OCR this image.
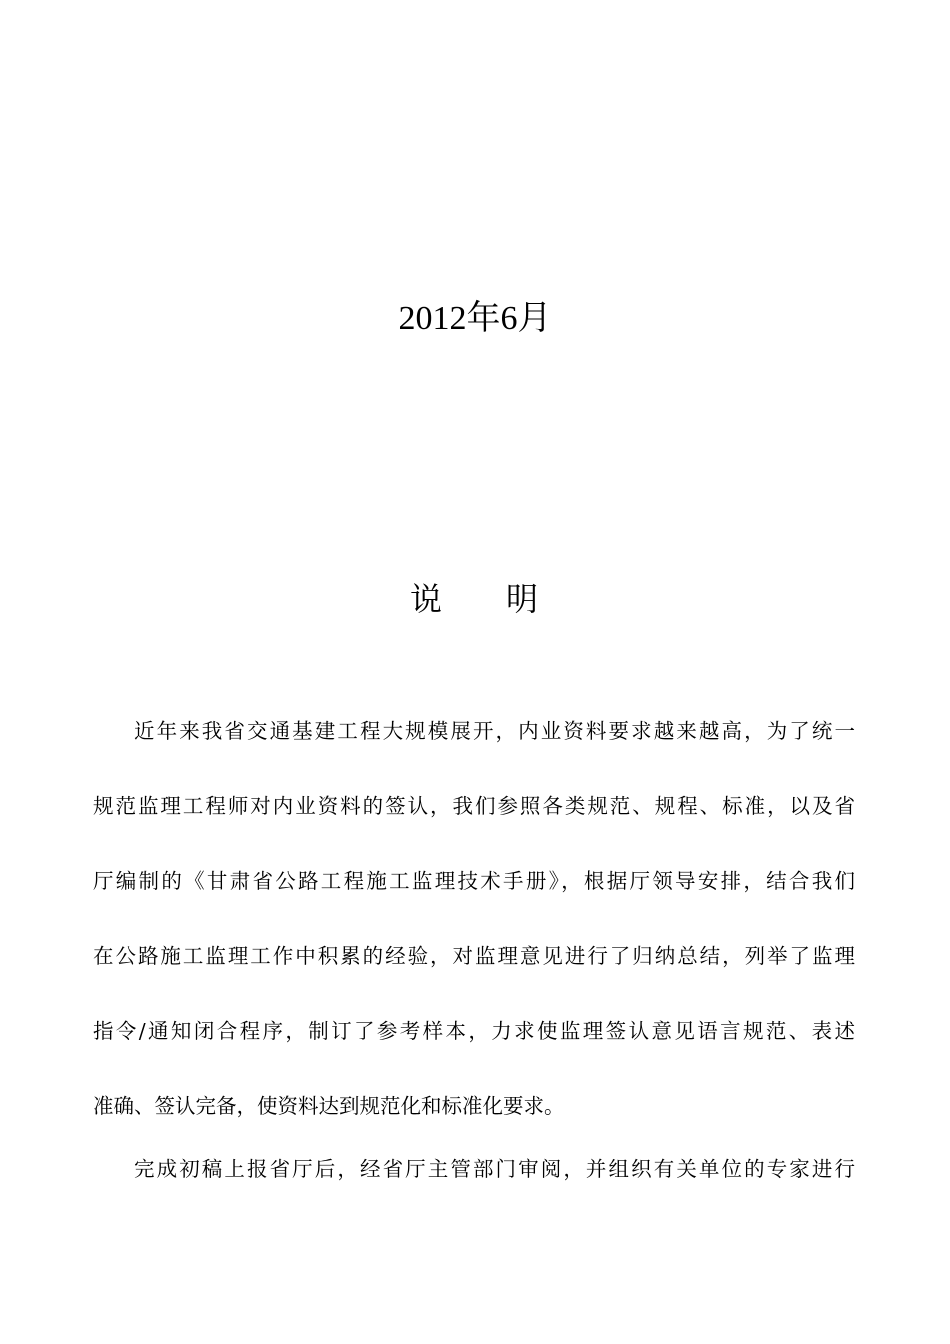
2012年6月
说 明
近年来我省交通基建工程大规模展开，内业资料要求越来越高，为了统一
规范监理工程师对内业资料的签认，我们参照各类规范、规程、标准，以及省
厅编制的《甘肃省公路工程施工监理技术手册》，根据厅领导安排，结合我们
在公路施工监理工作中积累的经验，对监理意见进行了归纳总结，列举了监理
指令/通知闭合程序，制订了参考样本，力求使监理签认意见语言规范、表述
准确、签认完备，使资料达到规范化和标准化要求。
完成初稿上报省厅后，经省厅主管部门审阅，并组织有关单位的专家进行
